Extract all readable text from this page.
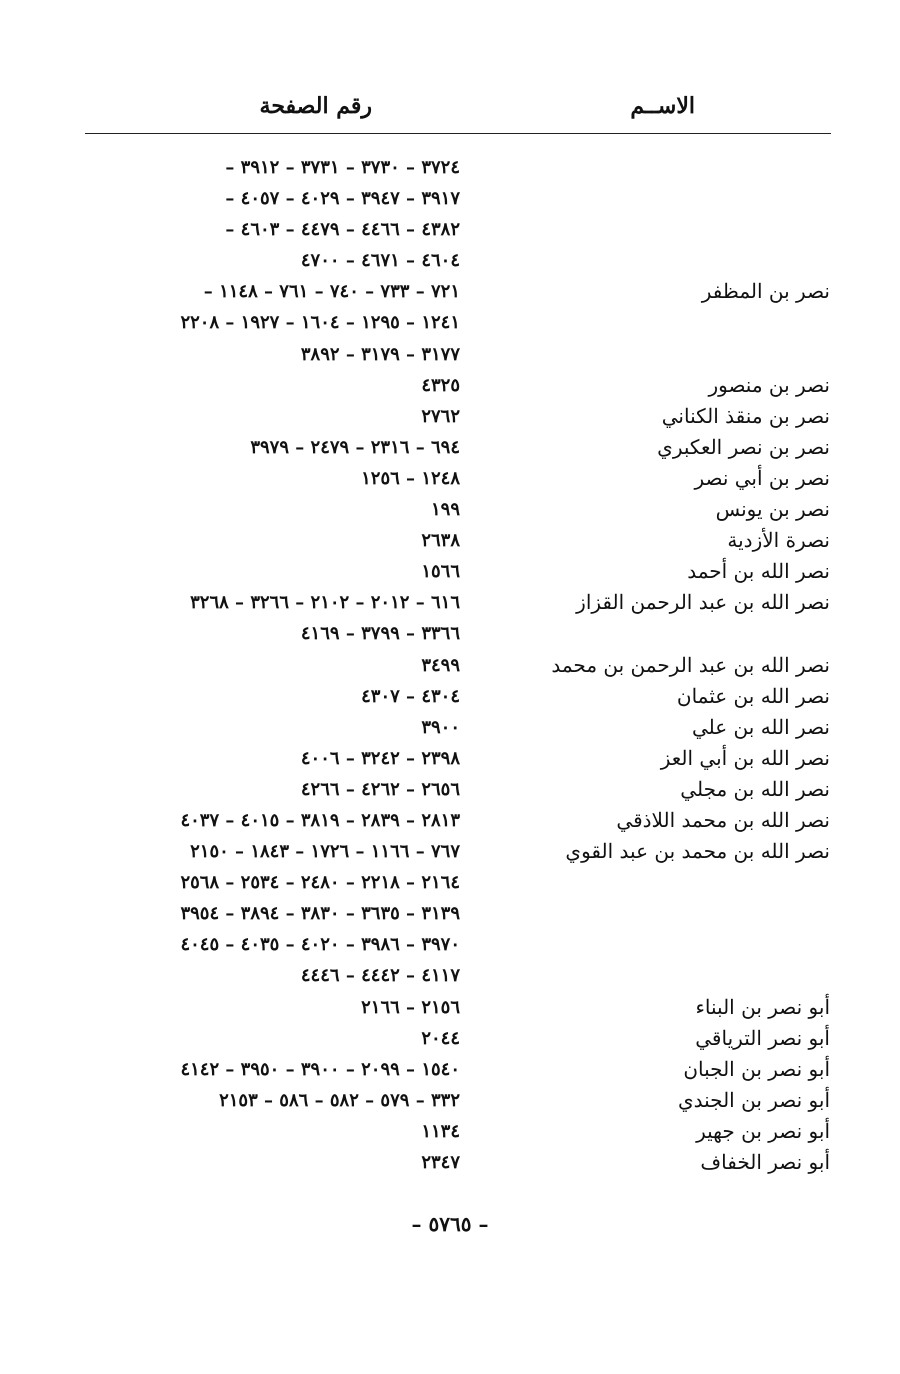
الاســم
رقم الصفحة
٣٧٢٤ – ٣٧٣٠ – ٣٧٣١ – ٣٩١٢ –
٣٩١٧ – ٣٩٤٧ – ٤٠٢٩ – ٤٠٥٧ –
٤٣٨٢ – ٤٤٦٦ – ٤٤٧٩ – ٤٦٠٣ –
٤٦٠٤ – ٤٦٧١ – ٤٧٠٠
نصر بن المظفر
٧٢١ – ٧٣٣ – ٧٤٠ – ٧٦١ – ١١٤٨ –
١٢٤١ – ١٢٩٥ – ١٦٠٤ – ١٩٢٧ – ٢٢٠٨
٣١٧٧ – ٣١٧٩ – ٣٨٩٢
نصر بن منصور
٤٣٢٥
نصر بن منقذ الكناني
٢٧٦٢
نصر بن نصر العكبري
٦٩٤ – ٢٣١٦ – ٢٤٧٩ – ٣٩٧٩
نصر بن أبي نصر
١٢٤٨ – ١٢٥٦
نصر بن يونس
١٩٩
نصرة الأزدية
٢٦٣٨
نصر الله بن أحمد
١٥٦٦
نصر الله بن عبد الرحمن القزاز
٦١٦ – ٢٠١٢ – ٢١٠٢ – ٣٢٦٦ – ٣٢٦٨
٣٣٦٦ – ٣٧٩٩ – ٤١٦٩
نصر الله بن عبد الرحمن بن محمد
٣٤٩٩
نصر الله بن عثمان
٤٣٠٤ – ٤٣٠٧
نصر الله بن علي
٣٩٠٠
نصر الله بن أبي العز
٢٣٩٨ – ٣٢٤٢ – ٤٠٠٦
نصر الله بن مجلي
٢٦٥٦ – ٤٢٦٢ – ٤٢٦٦
نصر الله بن محمد اللاذقي
٢٨١٣ – ٢٨٣٩ – ٣٨١٩ – ٤٠١٥ – ٤٠٣٧
نصر الله بن محمد بن عبد القوي
٧٦٧ – ١١٦٦ – ١٧٢٦ – ١٨٤٣ – ٢١٥٠
٢١٦٤ – ٢٢١٨ – ٢٤٨٠ – ٢٥٣٤ – ٢٥٦٨
٣١٣٩ – ٣٦٣٥ – ٣٨٣٠ – ٣٨٩٤ – ٣٩٥٤
٣٩٧٠ – ٣٩٨٦ – ٤٠٢٠ – ٤٠٣٥ – ٤٠٤٥
٤١١٧ – ٤٤٤٢ – ٤٤٤٦
أبو نصر بن البناء
٢١٥٦ – ٢١٦٦
أبو نصر الترياقي
٢٠٤٤
أبو نصر بن الجبان
١٥٤٠ – ٢٠٩٩ – ٣٩٠٠ – ٣٩٥٠ – ٤١٤٢
أبو نصر بن الجندي
٣٣٢ – ٥٧٩ – ٥٨٢ – ٥٨٦ – ٢١٥٣
أبو نصر بن جهير
١١٣٤
أبو نصر الخفاف
٢٣٤٧
– ٥٧٦٥ –
